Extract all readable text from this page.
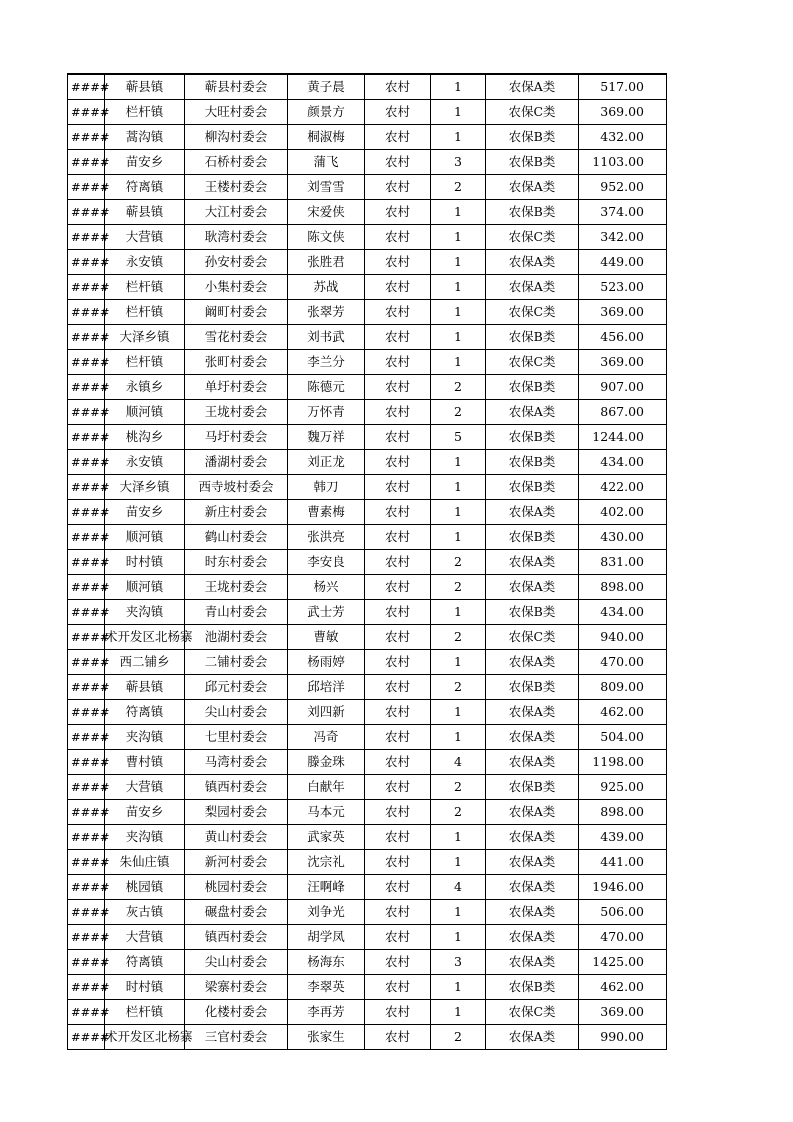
####	蕲县镇	蕲县村委会	黄子晨	农村	1	农保A类	517.00
####	栏杆镇	大旺村委会	颜景方	农村	1	农保C类	369.00
####	蒿沟镇	柳沟村委会	桐淑梅	农村	1	农保B类	432.00
####	苗安乡	石桥村委会	蒲飞	农村	3	农保B类	1103.00
####	符离镇	王楼村委会	刘雪雪	农村	2	农保A类	952.00
####	蕲县镇	大江村委会	宋爱侠	农村	1	农保B类	374.00
####	大营镇	耿湾村委会	陈文侠	农村	1	农保C类	342.00
####	永安镇	孙安村委会	张胜君	农村	1	农保A类	449.00
####	栏杆镇	小集村委会	苏战	农村	1	农保A类	523.00
####	栏杆镇	阚町村委会	张翠芳	农村	1	农保C类	369.00
####	大泽乡镇	雪花村委会	刘书武	农村	1	农保B类	456.00
####	栏杆镇	张町村委会	李兰分	农村	1	农保C类	369.00
####	永镇乡	单圩村委会	陈德元	农村	2	农保B类	907.00
####	顺河镇	王垅村委会	万怀青	农村	2	农保A类	867.00
####	桃沟乡	马圩村委会	魏万祥	农村	5	农保B类	1244.00
####	永安镇	潘湖村委会	刘正龙	农村	1	农保B类	434.00
####	大泽乡镇	西寺坡村委会	韩刀	农村	1	农保B类	422.00
####	苗安乡	新庄村委会	曹素梅	农村	1	农保A类	402.00
####	顺河镇	鹤山村委会	张洪亮	农村	1	农保B类	430.00
####	时村镇	时东村委会	李安良	农村	2	农保A类	831.00
####	顺河镇	王垅村委会	杨兴	农村	2	农保A类	898.00
####	夹沟镇	青山村委会	武士芳	农村	1	农保B类	434.00
####	术开发区北杨寨	池湖村委会	曹敏	农村	2	农保C类	940.00
####	西二铺乡	二铺村委会	杨雨婷	农村	1	农保A类	470.00
####	蕲县镇	邱元村委会	邱培洋	农村	2	农保B类	809.00
####	符离镇	尖山村委会	刘四新	农村	1	农保A类	462.00
####	夹沟镇	七里村委会	冯奇	农村	1	农保A类	504.00
####	曹村镇	马湾村委会	滕金珠	农村	4	农保A类	1198.00
####	大营镇	镇西村委会	白献年	农村	2	农保B类	925.00
####	苗安乡	梨园村委会	马本元	农村	2	农保A类	898.00
####	夹沟镇	黄山村委会	武家英	农村	1	农保A类	439.00
####	朱仙庄镇	新河村委会	沈宗礼	农村	1	农保A类	441.00
####	桃园镇	桃园村委会	汪啊峰	农村	4	农保A类	1946.00
####	灰古镇	碾盘村委会	刘争光	农村	1	农保A类	506.00
####	大营镇	镇西村委会	胡学凤	农村	1	农保A类	470.00
####	符离镇	尖山村委会	杨海东	农村	3	农保A类	1425.00
####	时村镇	梁寨村委会	李翠英	农村	1	农保B类	462.00
####	栏杆镇	化楼村委会	李再芳	农村	1	农保C类	369.00
####	术开发区北杨寨	三官村委会	张家生	农村	2	农保A类	990.00
